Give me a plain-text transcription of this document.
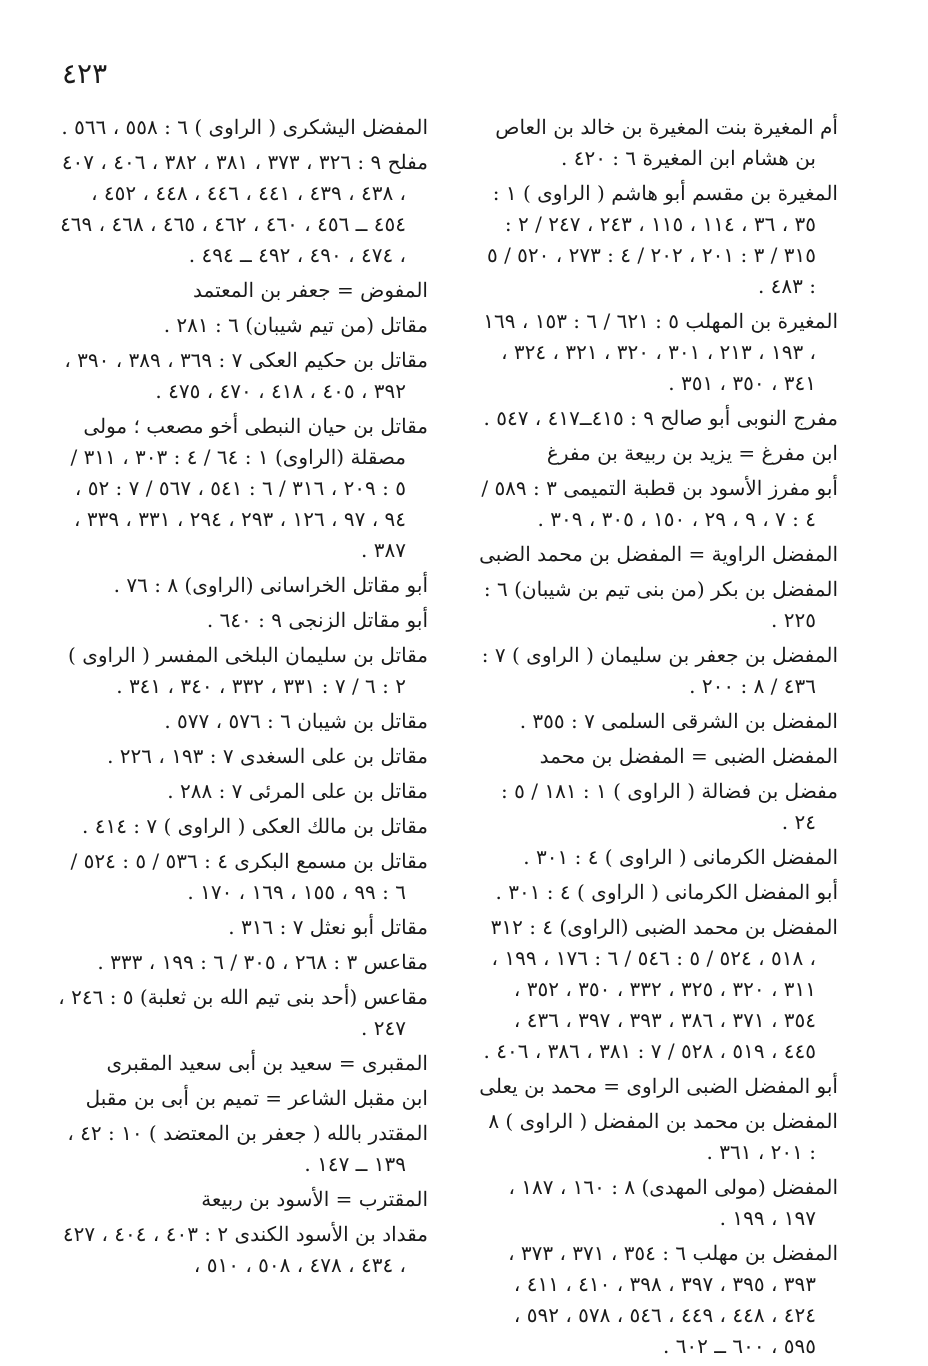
٤٢٣

أم المغيرة بنت المغيرة بن خالد بن العاص بن هشام ابن المغيرة ٦ : ٤٢٠ .

المغيرة بن مقسم أبو هاشم ( الراوى ) ١ : ٣٥ ، ٣٦ ، ١١٤ ، ١١٥ ، ٢٤٣ ، ٢٤٧ / ٢ : ٣١٥ / ٣ : ٢٠١ ، ٢٠٢ / ٤ : ٢٧٣ ، ٥٢٠ / ٥ : ٤٨٣ .

المغيرة بن المهلب ٥ : ٦٢١ / ٦ : ١٥٣ ، ١٦٩ ، ١٩٣ ، ٢١٣ ، ٣٠١ ، ٣٢٠ ، ٣٢١ ، ٣٢٤ ، ٣٤١ ، ٣٥٠ ، ٣٥١ .

مفرج النوبى أبو صالح ٩ : ٤١٥ــ٤١٧ ، ٥٤٧ .

ابن مفرغ = يزيد بن ربيعة بن مفرغ

أبو مفرز الأسود بن قطبة التميمى ٣ : ٥٨٩ / ٤ : ٧ ، ٩ ، ٢٩ ، ١٥٠ ، ٣٠٥ ، ٣٠٩ .

المفضل الراوية = المفضل بن محمد الضبى

المفضل بن بكر (من بنى تيم بن شيبان) ٦ : ٢٢٥ .

المفضل بن جعفر بن سليمان ( الراوى ) ٧ : ٤٣٦ / ٨ : ٢٠٠ .

المفضل بن الشرقى السلمى ٧ : ٣٥٥ .

المفضل الضبى = المفضل بن محمد

مفضل بن فضالة ( الراوى ) ١ : ١٨١ / ٥ : ٢٤ .

المفضل الكرمانى ( الراوى ) ٤ : ٣٠١ .

أبو المفضل الكرمانى ( الراوى ) ٤ : ٣٠١ .

المفضل بن محمد الضبى (الراوى) ٤ : ٣١٢ ، ٥١٨ ، ٥٢٤ / ٥ : ٥٤٦ / ٦ : ١٧٦ ، ١٩٩ ، ٣١١ ، ٣٢٠ ، ٣٢٥ ، ٣٣٢ ، ٣٥٠ ، ٣٥٢ ، ٣٥٤ ، ٣٧١ ، ٣٨٦ ، ٣٩٣ ، ٣٩٧ ، ٤٣٦ ، ٤٤٥ ، ٥١٩ ، ٥٢٨ / ٧ : ٣٨١ ، ٣٨٦ ، ٤٠٦ .

أبو المفضل الضبى الراوى = محمد بن يعلى

المفضل بن محمد بن المفضل ( الراوى ) ٨ : ٢٠١ ، ٣٦١ .

المفضل (مولى المهدى) ٨ : ١٦٠ ، ١٨٧ ، ١٩٧ ، ١٩٩ .

المفضل بن مهلب ٦ : ٣٥٤ ، ٣٧١ ، ٣٧٣ ، ٣٩٣ ، ٣٩٥ ، ٣٩٧ ، ٣٩٨ ، ٤١٠ ، ٤١١ ، ٤٢٤ ، ٤٤٨ ، ٤٤٩ ، ٥٤٦ ، ٥٧٨ ، ٥٩٢ ، ٥٩٥ ، ٦٠٠ ــ ٦٠٢ .

المفضل اليشكرى ( الراوى ) ٦ : ٥٥٨ ، ٥٦٦ .

مفلح ٩ : ٣٢٦ ، ٣٧٣ ، ٣٨١ ، ٣٨٢ ، ٤٠٦ ، ٤٠٧ ، ٤٣٨ ، ٤٣٩ ، ٤٤١ ، ٤٤٦ ، ٤٤٨ ، ٤٥٢ ، ٤٥٤ ــ ٤٥٦ ، ٤٦٠ ، ٤٦٢ ، ٤٦٥ ، ٤٦٨ ، ٤٦٩ ، ٤٧٤ ، ٤٩٠ ، ٤٩٢ ــ ٤٩٤ .

المفوض = جعفر بن المعتمد

مقاتل (من تيم شيبان) ٦ : ٢٨١ .

مقاتل بن حكيم العكى ٧ : ٣٦٩ ، ٣٨٩ ، ٣٩٠ ، ٣٩٢ ، ٤٠٥ ، ٤١٨ ، ٤٧٠ ، ٤٧٥ .

مقاتل بن حيان النبطى أخو مصعب ؛ مولى مصقلة (الراوى) ١ : ٦٤ / ٤ : ٣٠٣ ، ٣١١ / ٥ : ٢٠٩ ، ٣١٦ / ٦ : ٥٤١ ، ٥٦٧ / ٧ : ٥٢ ، ٩٤ ، ٩٧ ، ١٢٦ ، ٢٩٣ ، ٢٩٤ ، ٣٣١ ، ٣٣٩ ، ٣٨٧ .

أبو مقاتل الخراسانى (الراوى) ٨ : ٧٦ .

أبو مقاتل الزنجى ٩ : ٦٤٠ .

مقاتل بن سليمان البلخى المفسر ( الراوى ) ٢ : ٦ / ٧ : ٣٣١ ، ٣٣٢ ، ٣٤٠ ، ٣٤١ .

مقاتل بن شيبان ٦ : ٥٧٦ ، ٥٧٧ .

مقاتل بن على السغدى ٧ : ١٩٣ ، ٢٢٦ .

مقاتل بن على المرئى ٧ : ٢٨٨ .

مقاتل بن مالك العكى ( الراوى ) ٧ : ٤١٤ .

مقاتل بن مسمع البكرى ٤ : ٥٣٦ / ٥ : ٥٢٤ / ٦ : ٩٩ ، ١٥٥ ، ١٦٩ ، ١٧٠ .

مقاتل أبو نعثل ٧ : ٣١٦ .

مقاعس ٣ : ٢٦٨ ، ٣٠٥ / ٦ : ١٩٩ ، ٣٣٣ .

مقاعس (أحد بنى تيم الله بن ثعلبة) ٥ : ٢٤٦ ، ٢٤٧ .

المقبرى = سعيد بن أبى سعيد المقبرى

ابن مقبل الشاعر = تميم بن أبى بن مقبل

المقتدر بالله ( جعفر بن المعتضد ) ١٠ : ٤٢ ، ١٣٩ ــ ١٤٧ .

المقترب = الأسود بن ربيعة

مقداد بن الأسود الكندى ٢ : ٤٠٣ ، ٤٠٤ ، ٤٢٧ ، ٤٣٤ ، ٤٧٨ ، ٥٠٨ ، ٥١٠ ،
